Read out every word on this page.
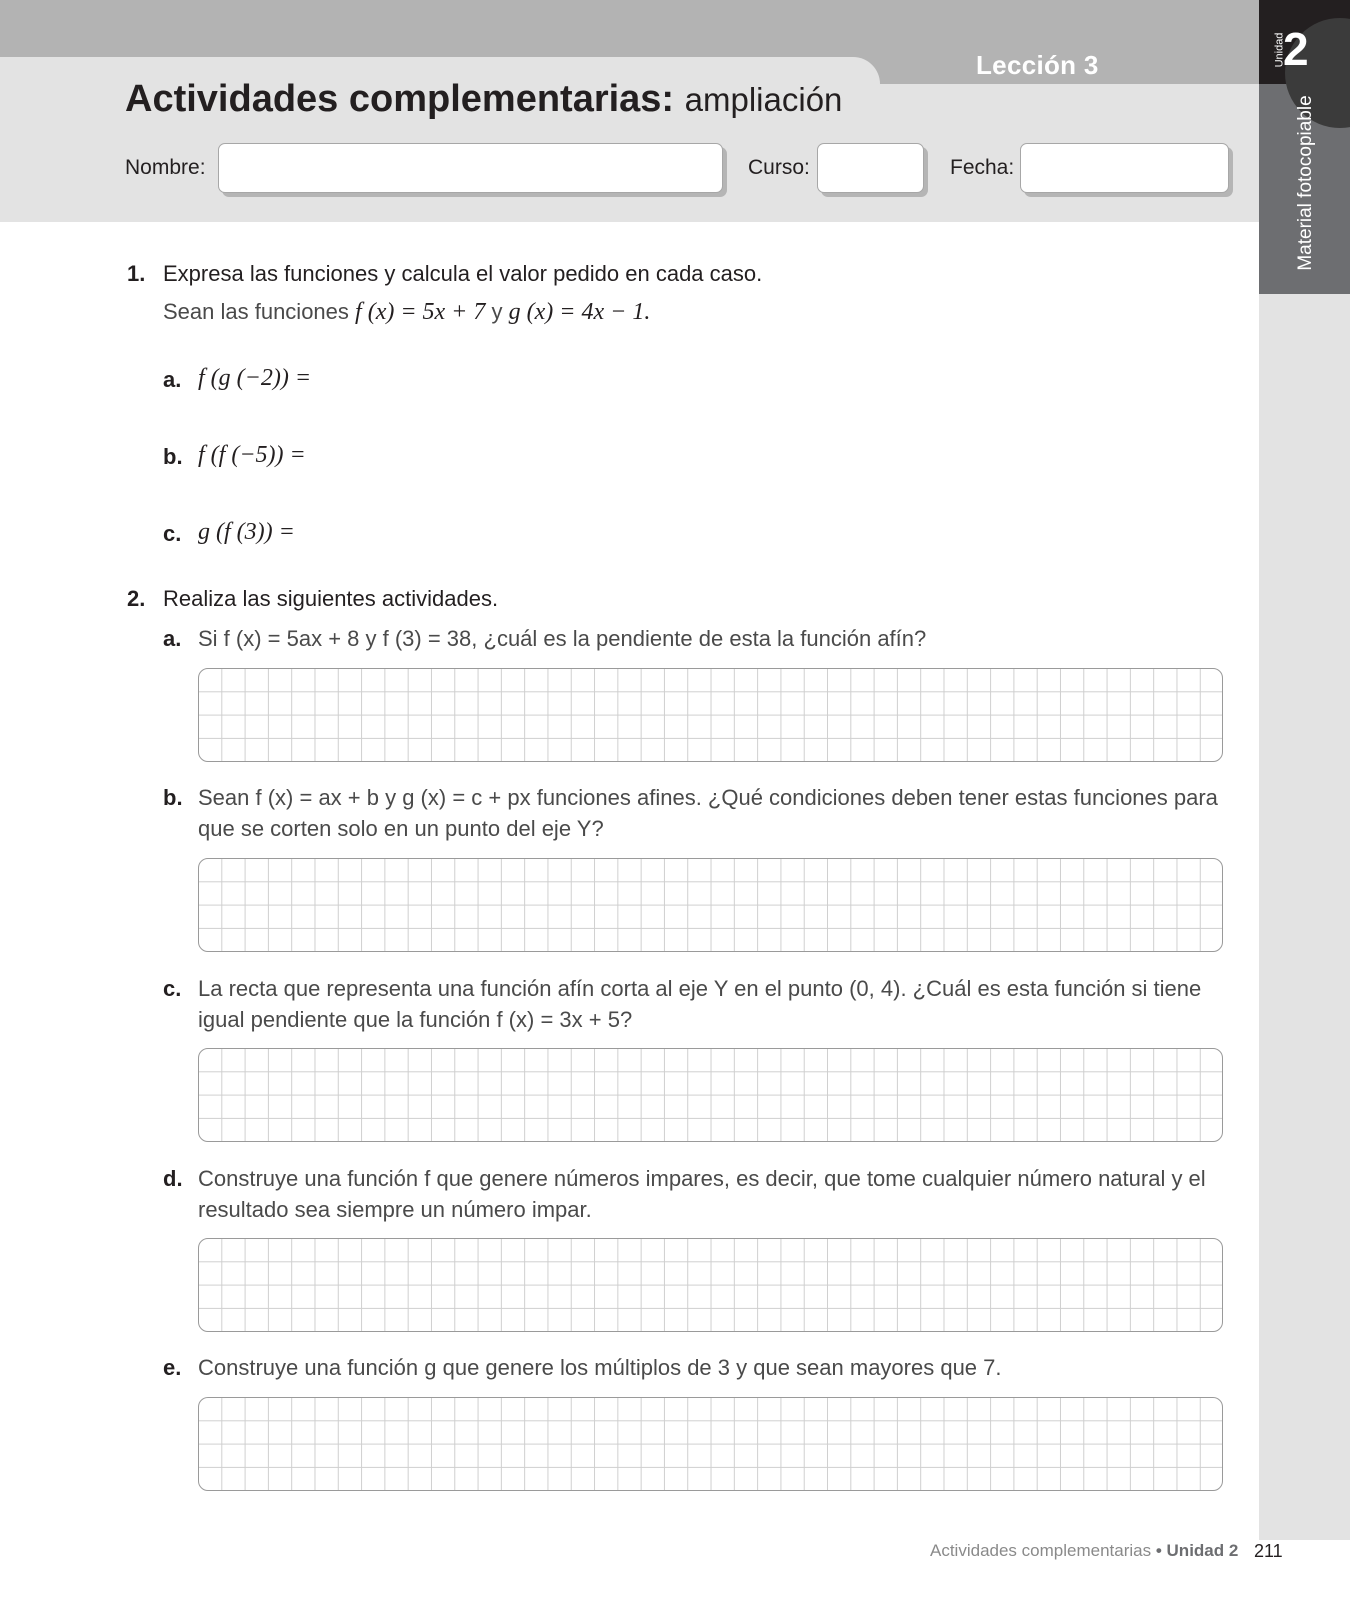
Lección 3
Actividades complementarias: ampliación
Nombre:	Curso:	Fecha:
Unidad
2
Material fotocopiable
1. Expresa las funciones y calcula el valor pedido en cada caso.
Sean las funciones f (x) = 5x + 7 y g (x) = 4x − 1.
a. f (g (−2)) =
b. f (f (−5)) =
c. g (f (3)) =
2. Realiza las siguientes actividades.
a. Si f (x) = 5ax + 8 y f (3) = 38, ¿cuál es la pendiente de esta la función afín?
b. Sean f (x) = ax + b y g (x) = c + px funciones afines. ¿Qué condiciones deben tener estas funciones para
que se corten solo en un punto del eje Y?
c. La recta que representa una función afín corta al eje Y en el punto (0, 4). ¿Cuál es esta función si tiene
igual pendiente que la función f (x) = 3x + 5?
d. Construye una función f que genere números impares, es decir, que tome cualquier número natural y el
resultado sea siempre un número impar.
e. Construye una función g que genere los múltiplos de 3 y que sean mayores que 7.
Actividades complementarias • Unidad 2 211
